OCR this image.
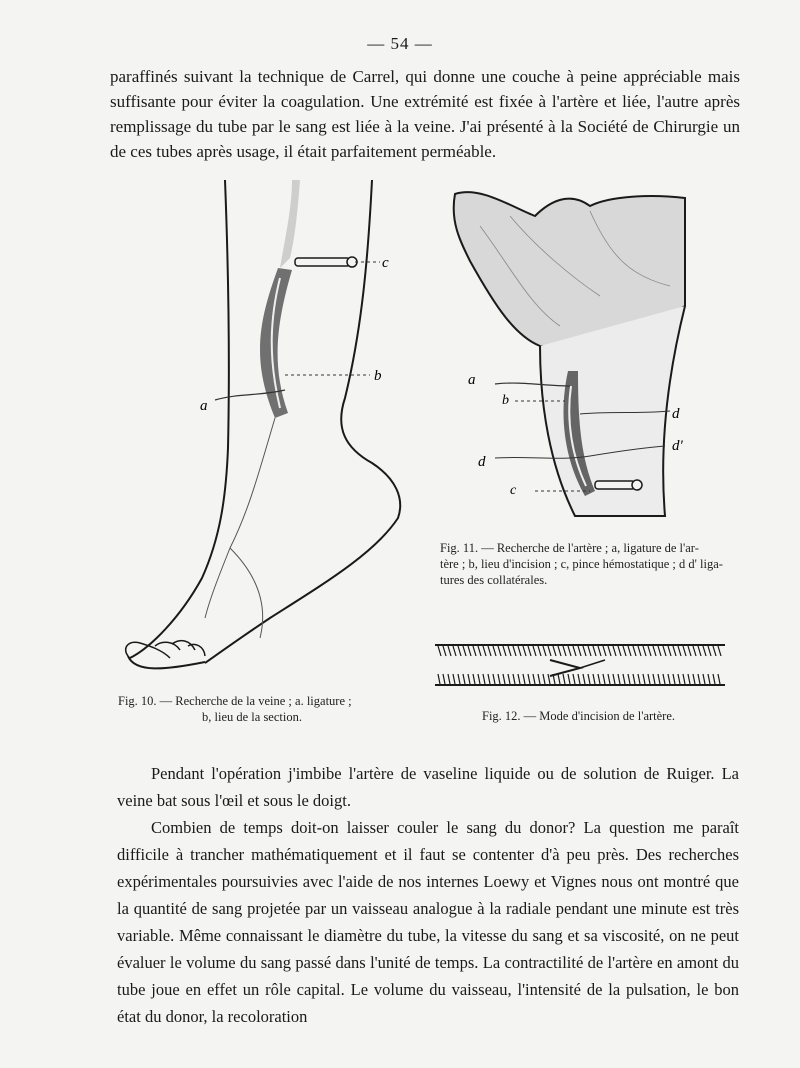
— 54 —

paraffinés suivant la technique de Carrel, qui donne une couche à peine appréciable mais suffisante pour éviter la coagulation. Une extrémité est fixée à l'artère et liée, l'autre après remplissage du tube par le sang est liée à la veine. J'ai présenté à la Société de Chirurgie un de ces tubes après usage, il était parfaitement perméable.

c
b
a
Fig. 10. — Recherche de la veine ; a. ligature ;
b, lieu de la section.
a
b
d
d'
d
c
Fig. 11. — Recherche de l'artère ; a, ligature de l'ar-
tère ; b, lieu d'incision ; c, pince hémostatique ; d d' liga-
tures des collatérales.
Fig. 12. — Mode d'incision de l'artère.

Pendant l'opération j'imbibe l'artère de vaseline liquide ou de solution de Ruiger. La veine bat sous l'œil et sous le doigt.

Combien de temps doit-on laisser couler le sang du donor? La question me paraît difficile à trancher mathématiquement et il faut se contenter d'à peu près. Des recherches expérimentales poursuivies avec l'aide de nos internes Loewy et Vignes nous ont montré que la quantité de sang projetée par un vaisseau analogue à la radiale pendant une minute est très variable. Même connaissant le diamètre du tube, la vitesse du sang et sa viscosité, on ne peut évaluer le volume du sang passé dans l'unité de temps. La contractilité de l'artère en amont du tube joue en effet un rôle capital. Le volume du vaisseau, l'intensité de la pulsation, le bon état du donor, la recoloration
